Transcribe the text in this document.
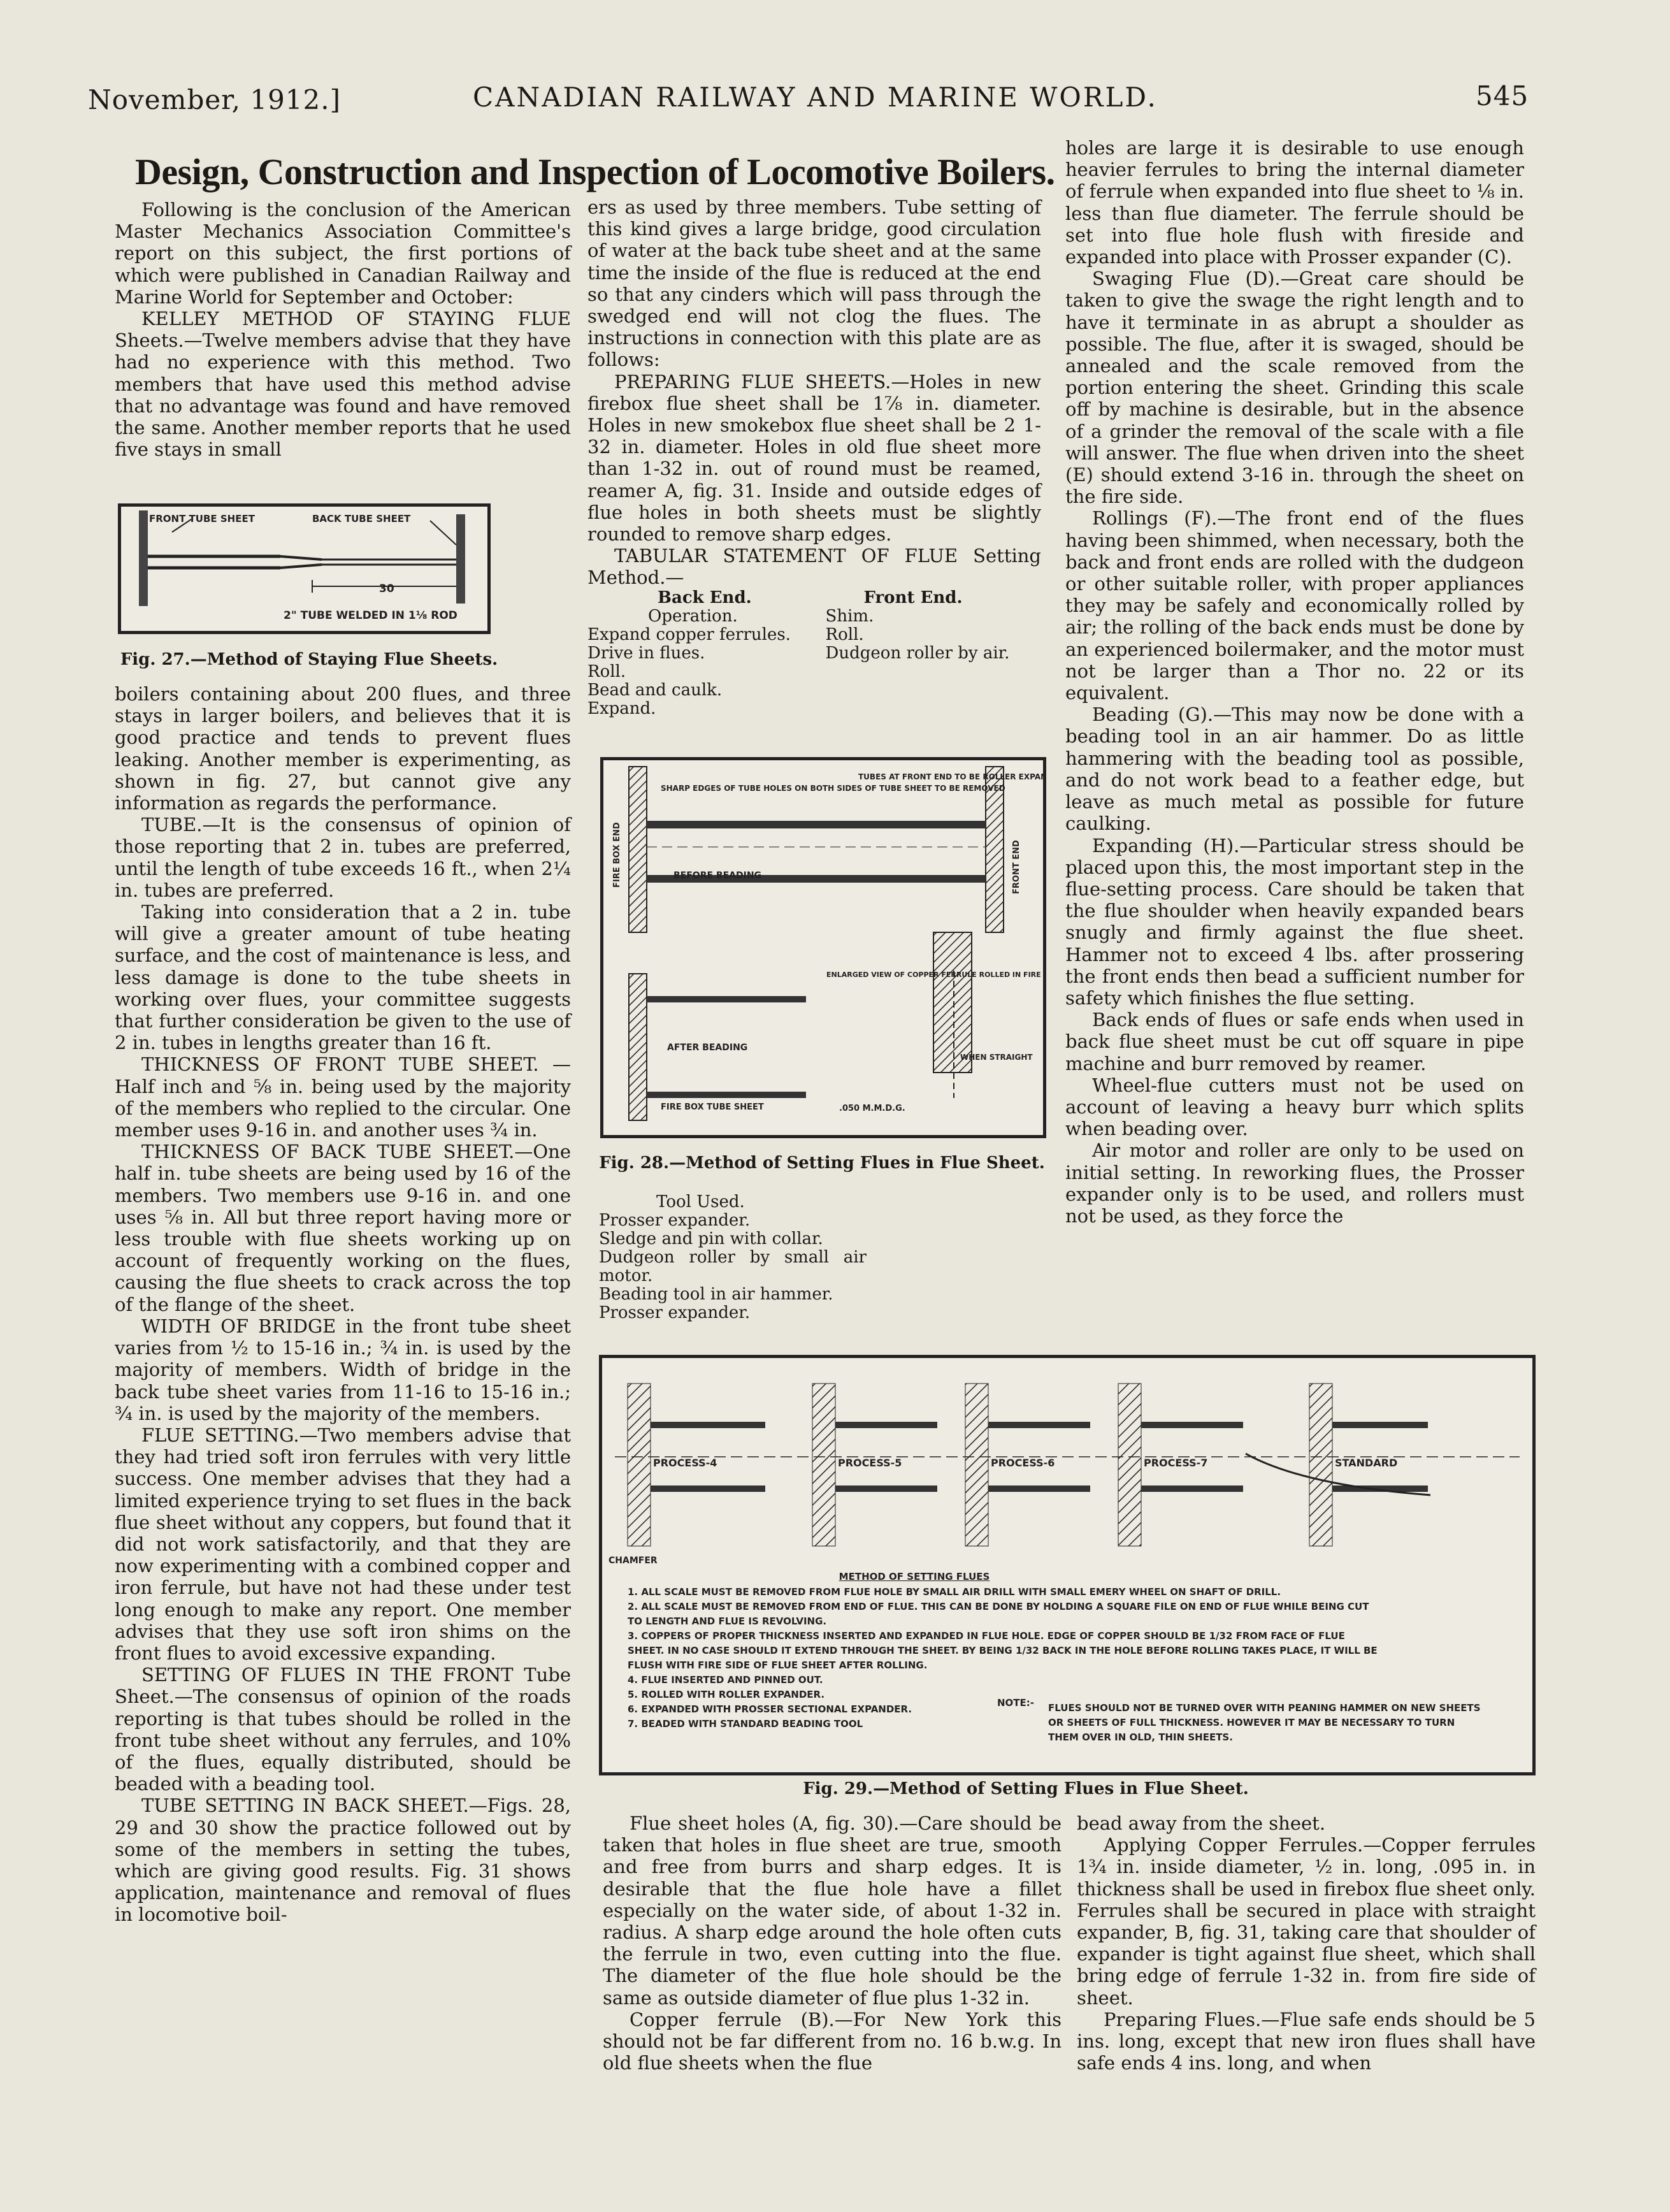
November, 1912.]	CANADIAN RAILWAY AND MARINE WORLD.	545
Design, Construction and Inspection of Locomotive Boilers.

Following is the conclusion of the American Master Mechanics Association Committee's report on this subject, the first portions of which were published in Canadian Railway and Marine World for September and October:

KELLEY METHOD OF STAYING FLUE Sheets.—Twelve members advise that they have had no experience with this method. Two members that have used this method advise that no advantage was found and have removed the same. Another member reports that he used five stays in small

FRONT TUBE SHEET	BACK TUBE SHEET
30
2" TUBE WELDED IN 1⅛ ROD
Fig. 27.—Method of Staying Flue Sheets.

boilers containing about 200 flues, and three stays in larger boilers, and believes that it is good practice and tends to prevent flues leaking. Another member is experimenting, as shown in fig. 27, but cannot give any information as regards the performance.

TUBE.—It is the consensus of opinion of those reporting that 2 in. tubes are preferred, until the length of tube exceeds 16 ft., when 2¼ in. tubes are preferred.

Taking into consideration that a 2 in. tube will give a greater amount of tube heating surface, and the cost of maintenance is less, and less damage is done to the tube sheets in working over flues, your committee suggests that further consideration be given to the use of 2 in. tubes in lengths greater than 16 ft.

THICKNESS OF FRONT TUBE SHEET. —Half inch and ⅝ in. being used by the majority of the members who replied to the circular. One member uses 9-16 in. and another uses ¾ in.

THICKNESS OF BACK TUBE SHEET.—One half in. tube sheets are being used by 16 of the members. Two members use 9-16 in. and one uses ⅝ in. All but three report having more or less trouble with flue sheets working up on account of frequently working on the flues, causing the flue sheets to crack across the top of the flange of the sheet.

WIDTH OF BRIDGE in the front tube sheet varies from ½ to 15-16 in.; ¾ in. is used by the majority of members. Width of bridge in the back tube sheet varies from 11-16 to 15-16 in.; ¾ in. is used by the majority of the members.

FLUE SETTING.—Two members advise that they had tried soft iron ferrules with very little success. One member advises that they had a limited experience trying to set flues in the back flue sheet without any coppers, but found that it did not work satisfactorily, and that they are now experimenting with a combined copper and iron ferrule, but have not had these under test long enough to make any report. One member advises that they use soft iron shims on the front flues to avoid excessive expanding.

SETTING OF FLUES IN THE FRONT Tube Sheet.—The consensus of opinion of the roads reporting is that tubes should be rolled in the front tube sheet without any ferrules, and 10% of the flues, equally distributed, should be beaded with a beading tool.

TUBE SETTING IN BACK SHEET.—Figs. 28, 29 and 30 show the practice followed out by some of the members in setting the tubes, which are giving good results. Fig. 31 shows application, maintenance and removal of flues in locomotive boil-

ers as used by three members. Tube setting of this kind gives a large bridge, good circulation of water at the back tube sheet and at the same time the inside of the flue is reduced at the end so that any cinders which will pass through the swedged end will not clog the flues. The instructions in connection with this plate are as follows:

PREPARING FLUE SHEETS.—Holes in new firebox flue sheet shall be 1⅞ in. diameter. Holes in new smokebox flue sheet shall be 2 1-32 in. diameter. Holes in old flue sheet more than 1-32 in. out of round must be reamed, reamer A, fig. 31. Inside and outside edges of flue holes in both sheets must be slightly rounded to remove sharp edges.

TABULAR STATEMENT OF FLUE Setting Method.—

Back End.	Front End.
Operation.	Shim.
Expand copper ferrules.	Roll.
Drive in flues.	Dudgeon roller by air.
Roll.	
Bead and caulk.	
Expand.	
SHARP EDGES OF TUBE HOLES ON BOTH SIDES OF TUBE SHEET TO BE REMOVED
TUBES AT FRONT END TO BE ROLLER EXPA
BEFORE BEADING
AFTER BEADING
FIRE BOX END	FRONT END
ENLARGED VIEW OF COPPER FERRULE ROLLED IN FIRE
WHEN STRAIGHT
FIRE BOX TUBE SHEET	.050 M.M.D.G.
Fig. 28.—Method of Setting Flues in Flue Sheet.

Tool Used.

Prosser expander.

Sledge and pin with collar.

Dudgeon roller by small air motor.

Beading tool in air hammer.

Prosser expander.

holes are large it is desirable to use enough heavier ferrules to bring the internal diameter of ferrule when expanded into flue sheet to ⅛ in. less than flue diameter. The ferrule should be set into flue hole flush with fireside and expanded into place with Prosser expander (C).

Swaging Flue (D).—Great care should be taken to give the swage the right length and to have it terminate in as abrupt a shoulder as possible. The flue, after it is swaged, should be annealed and the scale removed from the portion entering the sheet. Grinding this scale off by machine is desirable, but in the absence of a grinder the removal of the scale with a file will answer. The flue when driven into the sheet (E) should extend 3-16 in. through the sheet on the fire side.

Rollings (F).—The front end of the flues having been shimmed, when necessary, both the back and front ends are rolled with the dudgeon or other suitable roller, with proper appliances they may be safely and economically rolled by air; the rolling of the back ends must be done by an experienced boilermaker, and the motor must not be larger than a Thor no. 22 or its equivalent.

Beading (G).—This may now be done with a beading tool in an air hammer. Do as little hammering with the beading tool as possible, and do not work bead to a feather edge, but leave as much metal as possible for future caulking.

Expanding (H).—Particular stress should be placed upon this, the most important step in the flue-setting process. Care should be taken that the flue shoulder when heavily expanded bears snugly and firmly against the flue sheet. Hammer not to exceed 4 lbs. after prossering the front ends then bead a sufficient number for safety which finishes the flue setting.

Back ends of flues or safe ends when used in back flue sheet must be cut off square in pipe machine and burr removed by reamer.

Wheel-flue cutters must not be used on account of leaving a heavy burr which splits when beading over.

Air motor and roller are only to be used on initial setting. In reworking flues, the Prosser expander only is to be used, and rollers must not be used, as they force the

PROCESS-4	PROCESS-5	PROCESS-6	PROCESS-7	STANDARD
CHAMFER
METHOD OF SETTING FLUES
1. ALL SCALE MUST BE REMOVED FROM FLUE HOLE BY SMALL AIR DRILL WITH SMALL EMERY WHEEL ON SHAFT OF DRILL.
2. ALL SCALE MUST BE REMOVED FROM END OF FLUE. THIS CAN BE DONE BY HOLDING A SQUARE FILE ON END OF FLUE WHILE BEING CUT TO LENGTH AND FLUE IS REVOLVING.
3. COPPERS OF PROPER THICKNESS INSERTED AND EXPANDED IN FLUE HOLE. EDGE OF COPPER SHOULD BE 1/32 FROM FACE OF FLUE SHEET. IN NO CASE SHOULD IT EXTEND THROUGH THE SHEET. BY BEING 1/32 BACK IN THE HOLE BEFORE ROLLING TAKES PLACE, IT WILL BE FLUSH WITH FIRE SIDE OF FLUE SHEET AFTER ROLLING.
4. FLUE INSERTED AND PINNED OUT.
5. ROLLED WITH ROLLER EXPANDER.
6. EXPANDED WITH PROSSER SECTIONAL EXPANDER.
7. BEADED WITH STANDARD BEADING TOOL
NOTE:-	FLUES SHOULD NOT BE TURNED OVER WITH PEANING HAMMER ON NEW SHEETS OR SHEETS OF FULL THICKNESS. HOWEVER IT MAY BE NECESSARY TO TURN THEM OVER IN OLD, THIN SHEETS.
Fig. 29.—Method of Setting Flues in Flue Sheet.

Flue sheet holes (A, fig. 30).—Care should be taken that holes in flue sheet are true, smooth and free from burrs and sharp edges. It is desirable that the flue hole have a fillet especially on the water side, of about 1-32 in. radius. A sharp edge around the hole often cuts the ferrule in two, even cutting into the flue. The diameter of the flue hole should be the same as outside diameter of flue plus 1-32 in.

Copper ferrule (B).—For New York this should not be far different from no. 16 b.w.g. In old flue sheets when the flue

bead away from the sheet.

Applying Copper Ferrules.—Copper ferrules 1¾ in. inside diameter, ½ in. long, .095 in. in thickness shall be used in firebox flue sheet only. Ferrules shall be secured in place with straight expander, B, fig. 31, taking care that shoulder of expander is tight against flue sheet, which shall bring edge of ferrule 1-32 in. from fire side of sheet.

Preparing Flues.—Flue safe ends should be 5 ins. long, except that new iron flues shall have safe ends 4 ins. long, and when
